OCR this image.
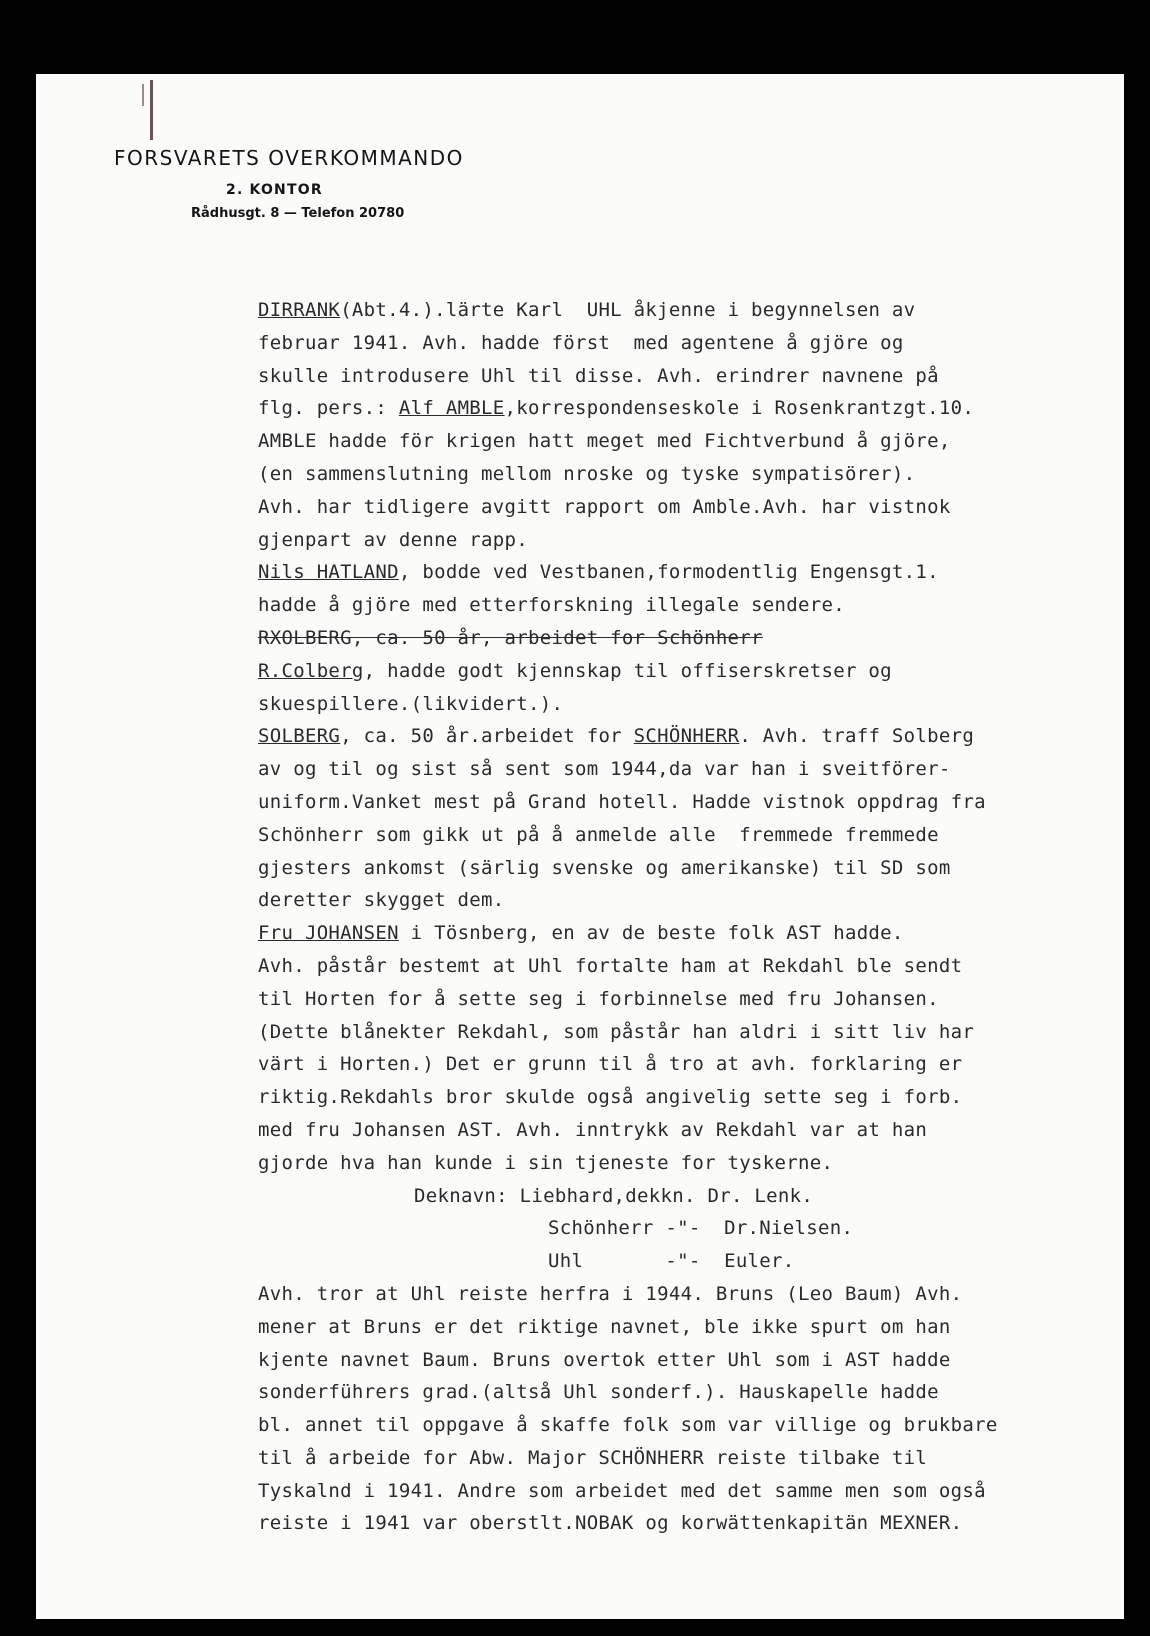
FORSVARETS OVERKOMMANDO

2. KONTOR

Rådhusgt. 8 — Telefon 20780

DIRRANK(Abt.4.).lärte Karl  UHL åkjenne i begynnelsen av
februar 1941. Avh. hadde först  med agentene å gjöre og
skulle introdusere Uhl til disse. Avh. erindrer navnene på
flg. pers.: Alf AMBLE,korrespondenseskole i Rosenkrantzgt.10.
AMBLE hadde för krigen hatt meget med Fichtverbund å gjöre,
(en sammenslutning mellom nroske og tyske sympatisörer).
Avh. har tidligere avgitt rapport om Amble.Avh. har vistnok
gjenpart av denne rapp.
Nils HATLAND, bodde ved Vestbanen,formodentlig Engensgt.1.
hadde å gjöre med etterforskning illegale sendere.
RXOLBERG, ca. 50 år, arbeidet for Schönherr
R.Colberg, hadde godt kjennskap til offiserskretser og
skuespillere.(likvidert.).
SOLBERG, ca. 50 år.arbeidet for SCHÖNHERR. Avh. traff Solberg
av og til og sist så sent som 1944,da var han i sveitförer-
uniform.Vanket mest på Grand hotell. Hadde vistnok oppdrag fra
Schönherr som gikk ut på å anmelde alle  fremmede fremmede
gjesters ankomst (särlig svenske og amerikanske) til SD som
deretter skygget dem.
Fru JOHANSEN i Tösnberg, en av de beste folk AST hadde.
Avh. påstår bestemt at Uhl fortalte ham at Rekdahl ble sendt
til Horten for å sette seg i forbinnelse med fru Johansen.
(Dette blånekter Rekdahl, som påstår han aldri i sitt liv har
värt i Horten.) Det er grunn til å tro at avh. forklaring er
riktig.Rekdahls bror skulde også angivelig sette seg i forb.
med fru Johansen AST. Avh. inntrykk av Rekdahl var at han
gjorde hva han kunde i sin tjeneste for tyskerne.
Deknavn: Liebhard,dekkn. Dr. Lenk.
Schönherr -"-  Dr.Nielsen.
Uhl       -"-  Euler.
Avh. tror at Uhl reiste herfra i 1944. Bruns (Leo Baum) Avh.
mener at Bruns er det riktige navnet, ble ikke spurt om han
kjente navnet Baum. Bruns overtok etter Uhl som i AST hadde
sonderführers grad.(altså Uhl sonderf.). Hauskapelle hadde
bl. annet til oppgave å skaffe folk som var villige og brukbare
til å arbeide for Abw. Major SCHÖNHERR reiste tilbake til
Tyskalnd i 1941. Andre som arbeidet med det samme men som også
reiste i 1941 var oberstlt.NOBAK og korwättenkapitän MEXNER.
